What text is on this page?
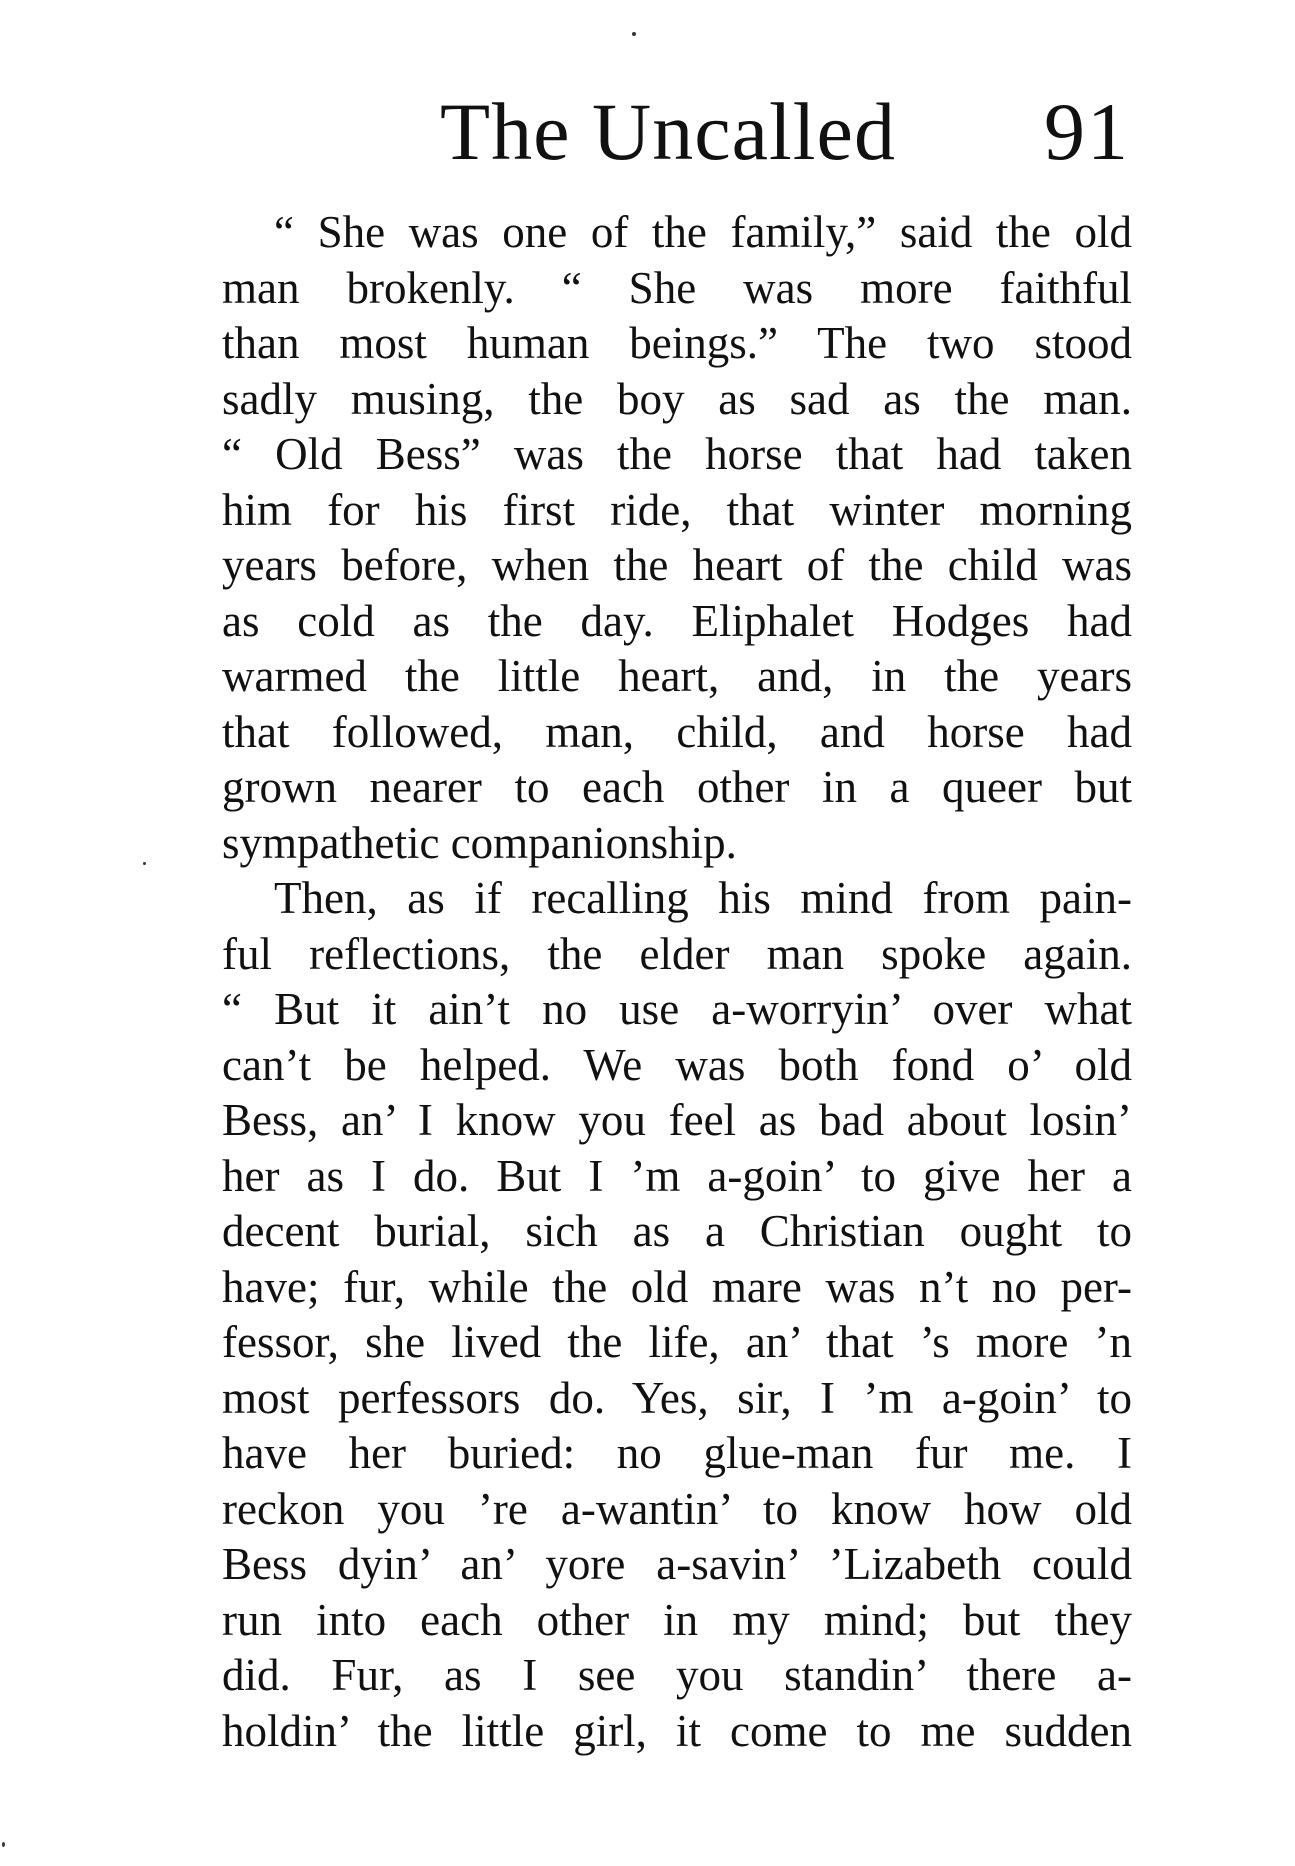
The Uncalled 91
“ She was one of the family,” said the old
man brokenly. “ She was more faithful
than most human beings.” The two stood
sadly musing, the boy as sad as the man.
“ Old Bess” was the horse that had taken
him for his first ride, that winter morning
years before, when the heart of the child was
as cold as the day. Eliphalet Hodges had
warmed the little heart, and, in the years
that followed, man, child, and horse had
grown nearer to each other in a queer but
sympathetic companionship.
Then, as if recalling his mind from pain-
ful reflections, the elder man spoke again.
“ But it ain’t no use a-worryin’ over what
can’t be helped. We was both fond o’ old
Bess, an’ I know you feel as bad about losin’
her as I do. But I ’m a-goin’ to give her a
decent burial, sich as a Christian ought to
have; fur, while the old mare was n’t no per-
fessor, she lived the life, an’ that ’s more ’n
most perfessors do. Yes, sir, I ’m a-goin’ to
have her buried: no glue-man fur me. I
reckon you ’re a-wantin’ to know how old
Bess dyin’ an’ yore a-savin’ ’Lizabeth could
run into each other in my mind; but they
did. Fur, as I see you standin’ there a-
holdin’ the little girl, it come to me sudden
